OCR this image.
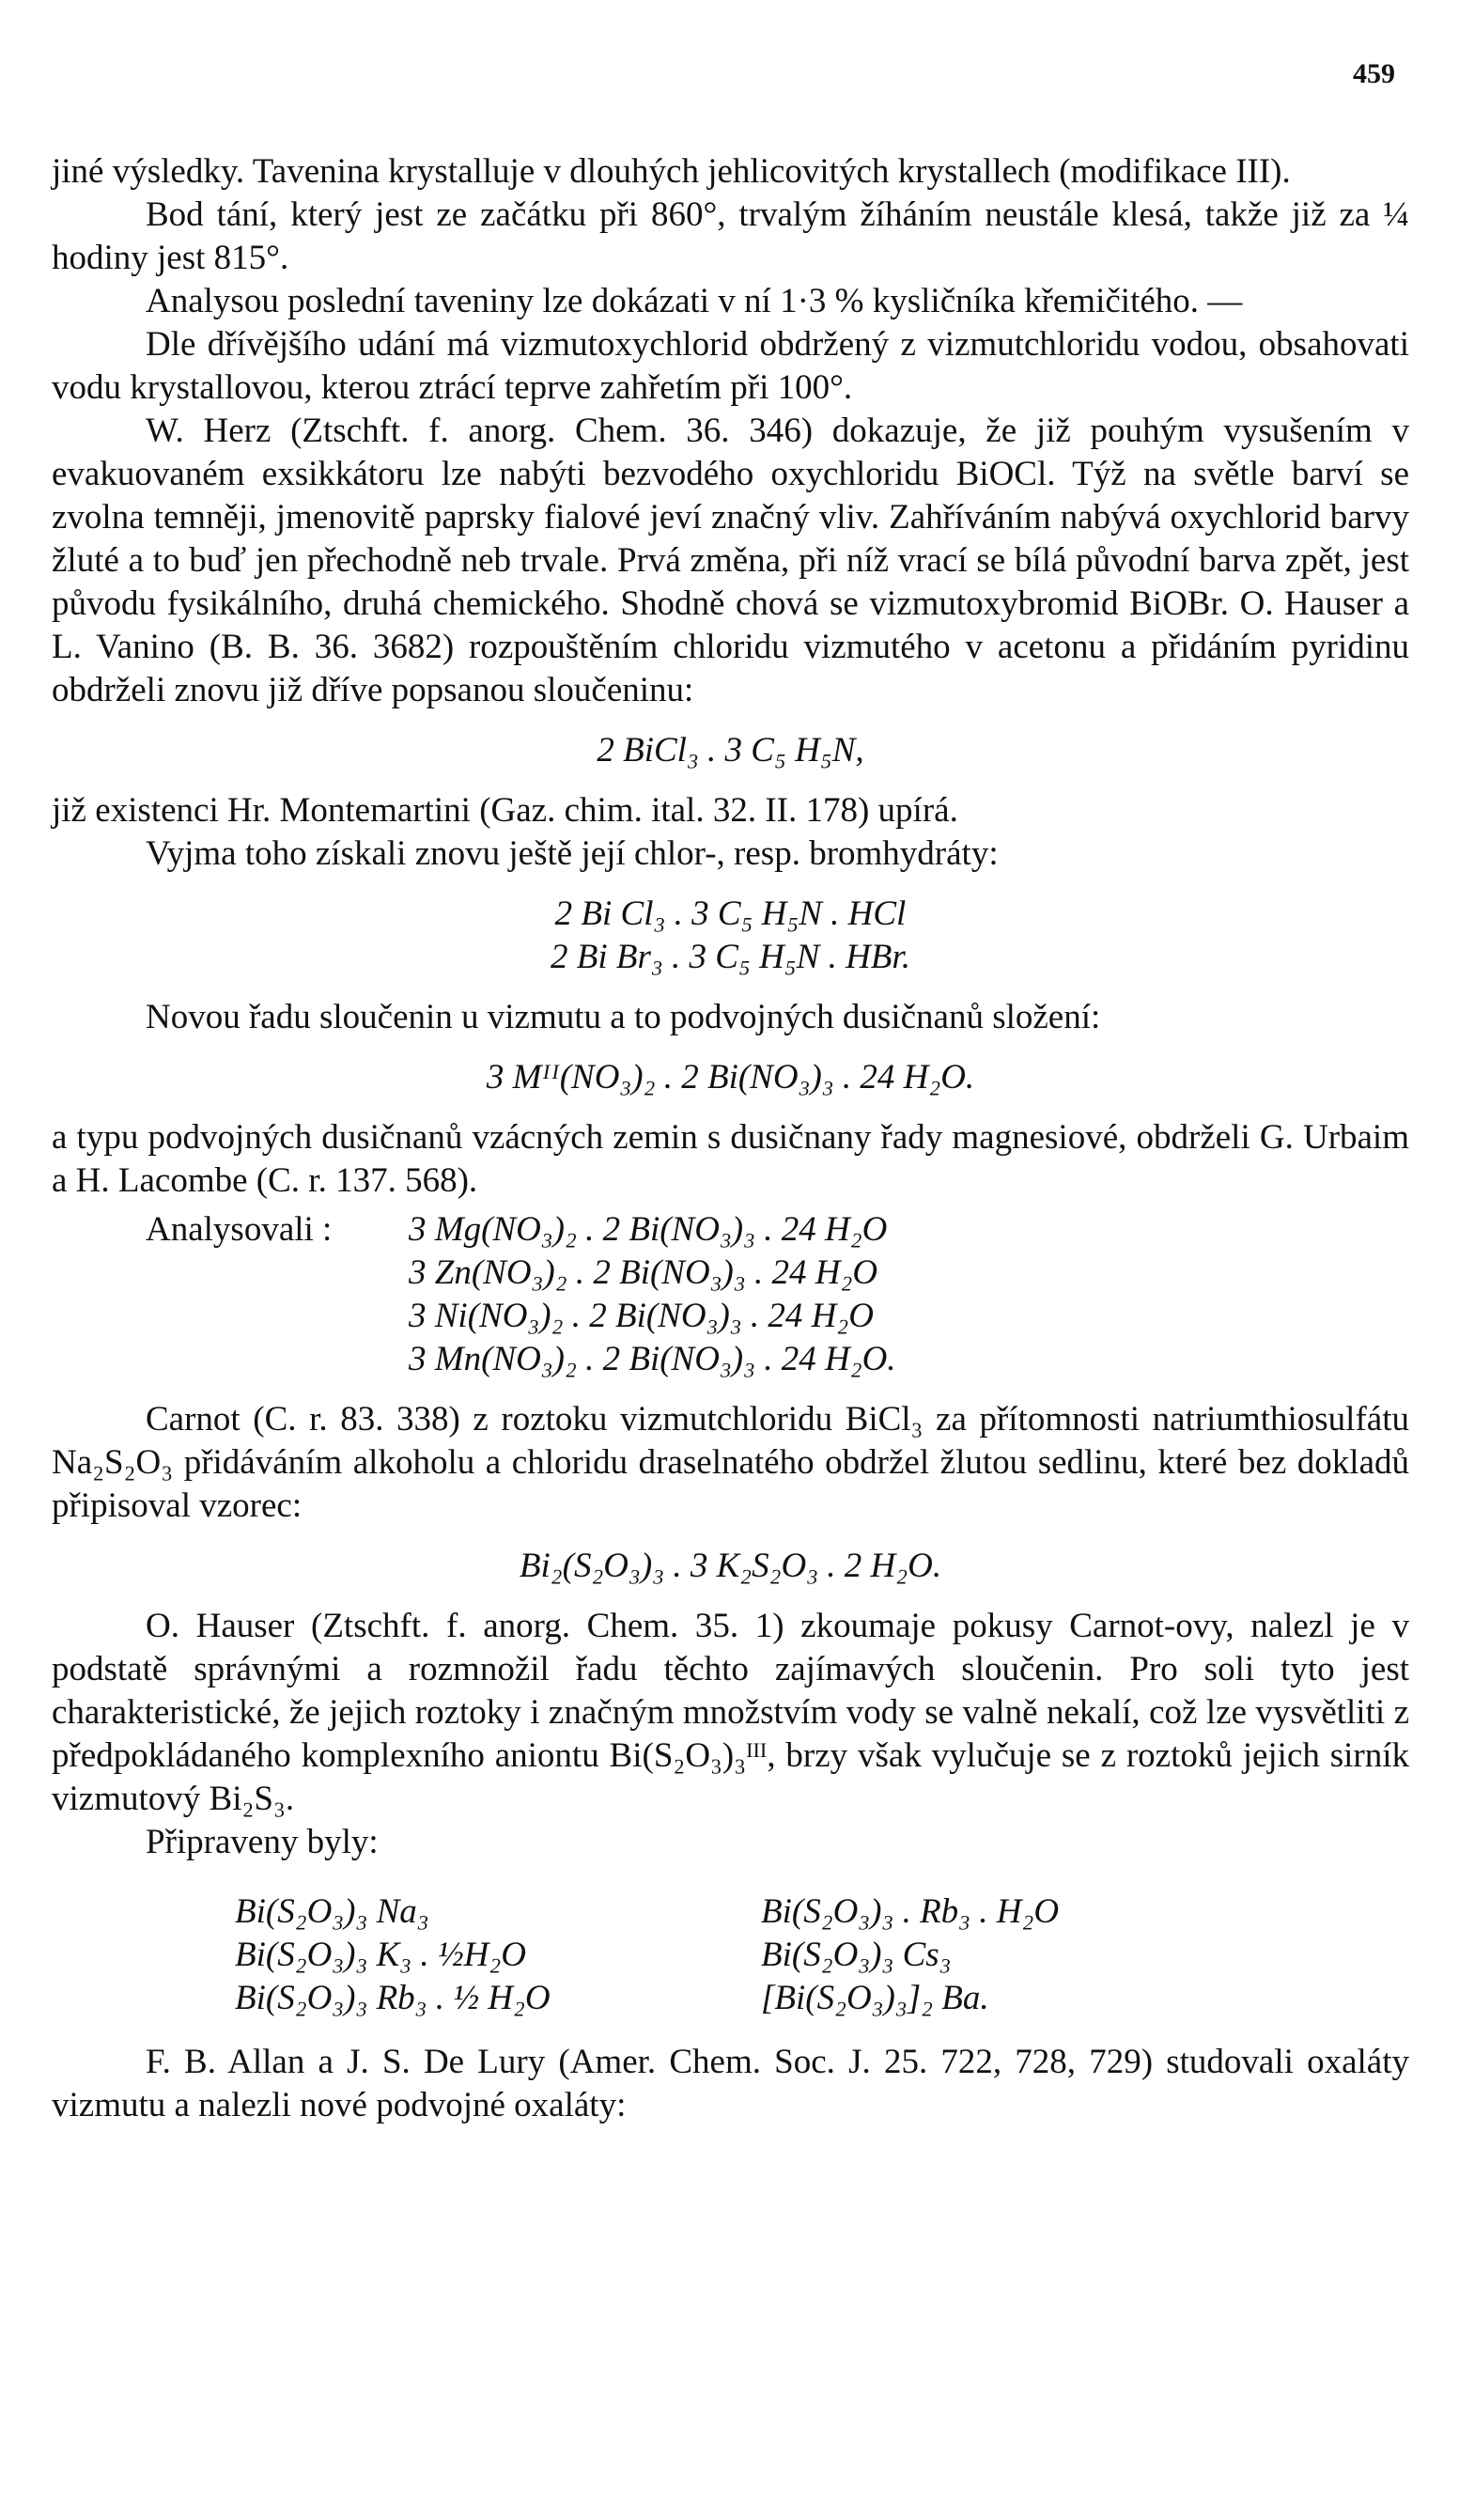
459

jiné výsledky. Tavenina krystalluje v dlouhých jehlicovitých krystallech (modifikace III).

Bod tání, který jest ze začátku při 860°, trvalým žíháním neustále klesá, takže již za ¼ hodiny jest 815°.

Analysou poslední taveniny lze dokázati v ní 1·3 % kysličníka křemičitého. —

Dle dřívějšího udání má vizmutoxychlorid obdržený z vizmutchloridu vodou, obsahovati vodu krystallovou, kterou ztrácí teprve zahřetím při 100°.

W. Herz (Ztschft. f. anorg. Chem. 36. 346) dokazuje, že již pouhým vysušením v evakuovaném exsikkátoru lze nabýti bezvodého oxychloridu BiOCl. Týž na světle barví se zvolna temněji, jmenovitě paprsky fialové jeví značný vliv. Zahříváním nabývá oxychlorid barvy žluté a to buď jen přechodně neb trvale. Prvá změna, při níž vrací se bílá původní barva zpět, jest původu fysikálního, druhá chemického. Shodně chová se vizmutoxybromid BiOBr. O. Hauser a L. Vanino (B. B. 36. 3682) rozpouštěním chloridu vizmutého v acetonu a přidáním pyridinu obdrželi znovu již dříve popsanou sloučeninu:

2 BiCl₃ . 3 C₅ H₅N,

již existenci Hr. Montemartini (Gaz. chim. ital. 32. II. 178) upírá.

Vyjma toho získali znovu ještě její chlor-, resp. bromhydráty:

2 Bi Cl₃ . 3 C₅ H₅N . HCl
2 Bi Br₃ . 3 C₅ H₅N . HBr.

Novou řadu sloučenin u vizmutu a to podvojných dusičnanů složení:

3 Mᴵᴵ(NO₃)₂ . 2 Bi(NO₃)₃ . 24 H₂O.

a typu podvojných dusičnanů vzácných zemin s dusičnany řady magnesiové, obdrželi G. Urbaim a H. Lacombe (C. r. 137. 568).

Analysovali :	3 Mg(NO₃)₂ . 2 Bi(NO₃)₃ . 24 H₂O
3 Zn(NO₃)₂ . 2 Bi(NO₃)₃ . 24 H₂O
3 Ni(NO₃)₂ . 2 Bi(NO₃)₃ . 24 H₂O
3 Mn(NO₃)₂ . 2 Bi(NO₃)₃ . 24 H₂O.

Carnot (C. r. 83. 338) z roztoku vizmutchloridu BiCl₃ za přítomnosti natriumthiosulfátu Na₂S₂O₃ přidáváním alkoholu a chloridu draselnatého obdržel žlutou sedlinu, které bez dokladů připisoval vzorec:

Bi₂(S₂O₃)₃ . 3 K₂S₂O₃ . 2 H₂O.

O. Hauser (Ztschft. f. anorg. Chem. 35. 1) zkoumaje pokusy Carnot-ovy, nalezl je v podstatě správnými a rozmnožil řadu těchto zajímavých sloučenin. Pro soli tyto jest charakteristické, že jejich roztoky i značným množstvím vody se valně nekalí, což lze vysvětliti z předpokládaného komplexního aniontu Bi(S₂O₃)₃ᴵᴵᴵ, brzy však vylučuje se z roztoků jejich sirník vizmutový Bi₂S₃.

Připraveny byly:

Bi(S₂O₃)₃ Na₃
Bi(S₂O₃)₃ K₃ . ½H₂O
Bi(S₂O₃)₃ Rb₃ . ½ H₂O
Bi(S₂O₃)₃ . Rb₃ . H₂O
Bi(S₂O₃)₃ Cs₃
[Bi(S₂O₃)₃]₂ Ba.

F. B. Allan a J. S. De Lury (Amer. Chem. Soc. J. 25. 722, 728, 729) studovali oxaláty vizmutu a nalezli nové podvojné oxaláty:
